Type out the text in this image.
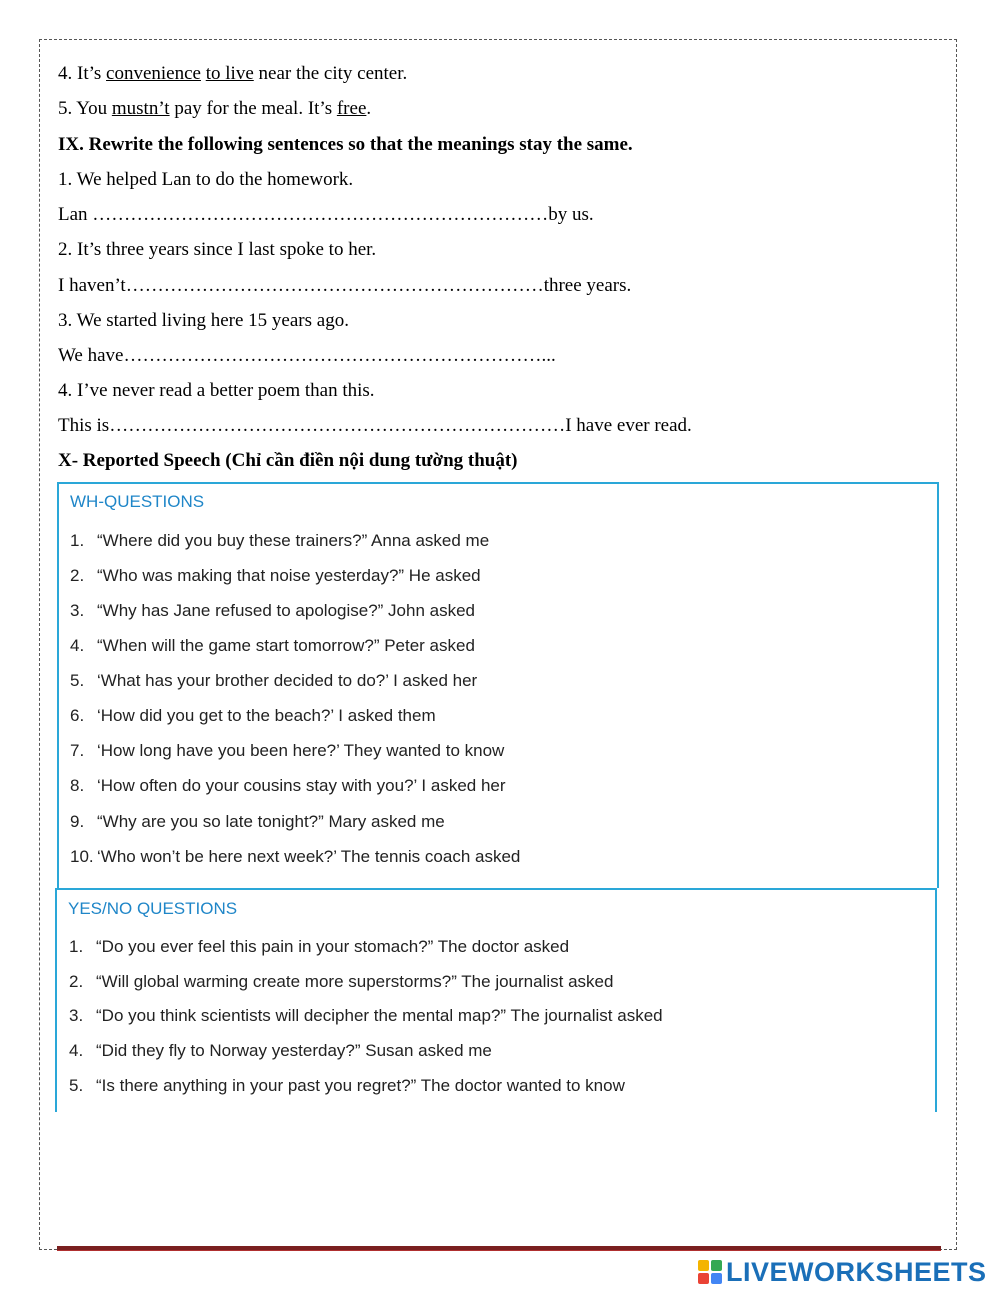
4. It’s convenience to live near the city center.
5. You mustn’t pay for the meal. It’s free.
IX. Rewrite the following sentences so that the meanings stay the same.
1. We helped Lan to do the homework.
Lan ………………………………………………………………by us.
2. It’s three years since I last spoke to her.
I haven’t…………………………………………………………three years.
3. We started living here 15 years ago.
We have…………………………………………………………...
4. I’ve never read a better poem than this.
This is………………………………………………………………I have ever read.
X- Reported Speech (Chỉ cần điền nội dung tường thuật)
WH-QUESTIONS
1. “Where did you buy these trainers?” Anna asked me
2. “Who was making that noise yesterday?” He asked
3. “Why has Jane refused to apologise?” John asked
4. “When will the game start tomorrow?” Peter asked
5. ‘What has your brother decided to do?’ I asked her
6. ‘How did you get to the beach?’ I asked them
7. ‘How long have you been here?’ They wanted to know
8. ‘How often do your cousins stay with you?’ I asked her
9. “Why are you so late tonight?” Mary asked me
10. ‘Who won’t be here next week?’ The tennis coach asked
YES/NO QUESTIONS
1. “Do you ever feel this pain in your stomach?” The doctor asked
2. “Will global warming create more superstorms?” The journalist asked
3. “Do you think scientists will decipher the mental map?” The journalist asked
4. “Did they fly to Norway yesterday?” Susan asked me
5. “Is there anything in your past you regret?” The doctor wanted to know
LIVEWORKSHEETS
